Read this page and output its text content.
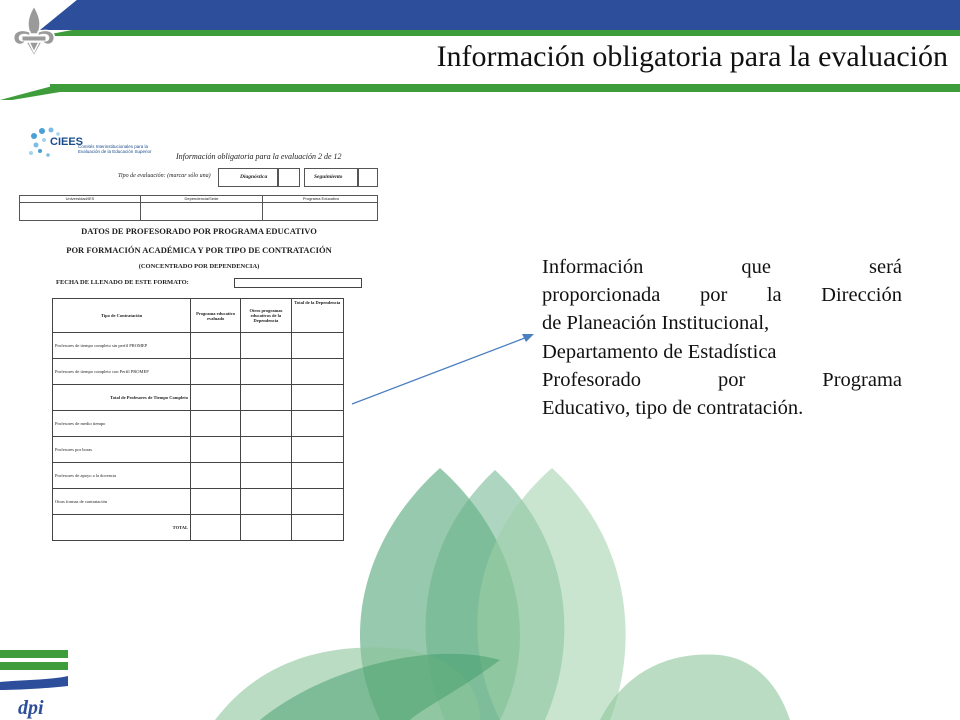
Información obligatoria para la evaluación
CIEES
Comités Interinstitucionales para la Evaluación de la Educación Superior
Información obligatoria para la evaluación 2 de 12
Tipo de evaluación: (marcar sólo una)	Diagnóstica	Seguimiento
Universidad/IES	Dependencia/Sede	Programa Educativo
DATOS DE PROFESORADO POR PROGRAMA EDUCATIVO
POR FORMACIÓN ACADÉMICA Y POR TIPO DE CONTRATACIÓN
(CONCENTRADO POR DEPENDENCIA)
FECHA DE LLENADO DE ESTE FORMATO:
Tipo de Contratación	Programa educativo evaluado	Otros programas educativos de la Dependencia	Total de la Dependencia
Profesores de tiempo completo sin perfil PROMEP			
Profesores de tiempo completo con Perfil PROMEP			
Total de Profesores de Tiempo Completo			
Profesores de medio tiempo			
Profesores por horas			
Profesores de apoyo a la docencia			
Otras formas de contratación			
TOTAL			
Información que será
proporcionada por la Dirección
de Planeación Institucional,
Departamento de Estadística
Profesorado por Programa
Educativo, tipo de contratación.
dpi
